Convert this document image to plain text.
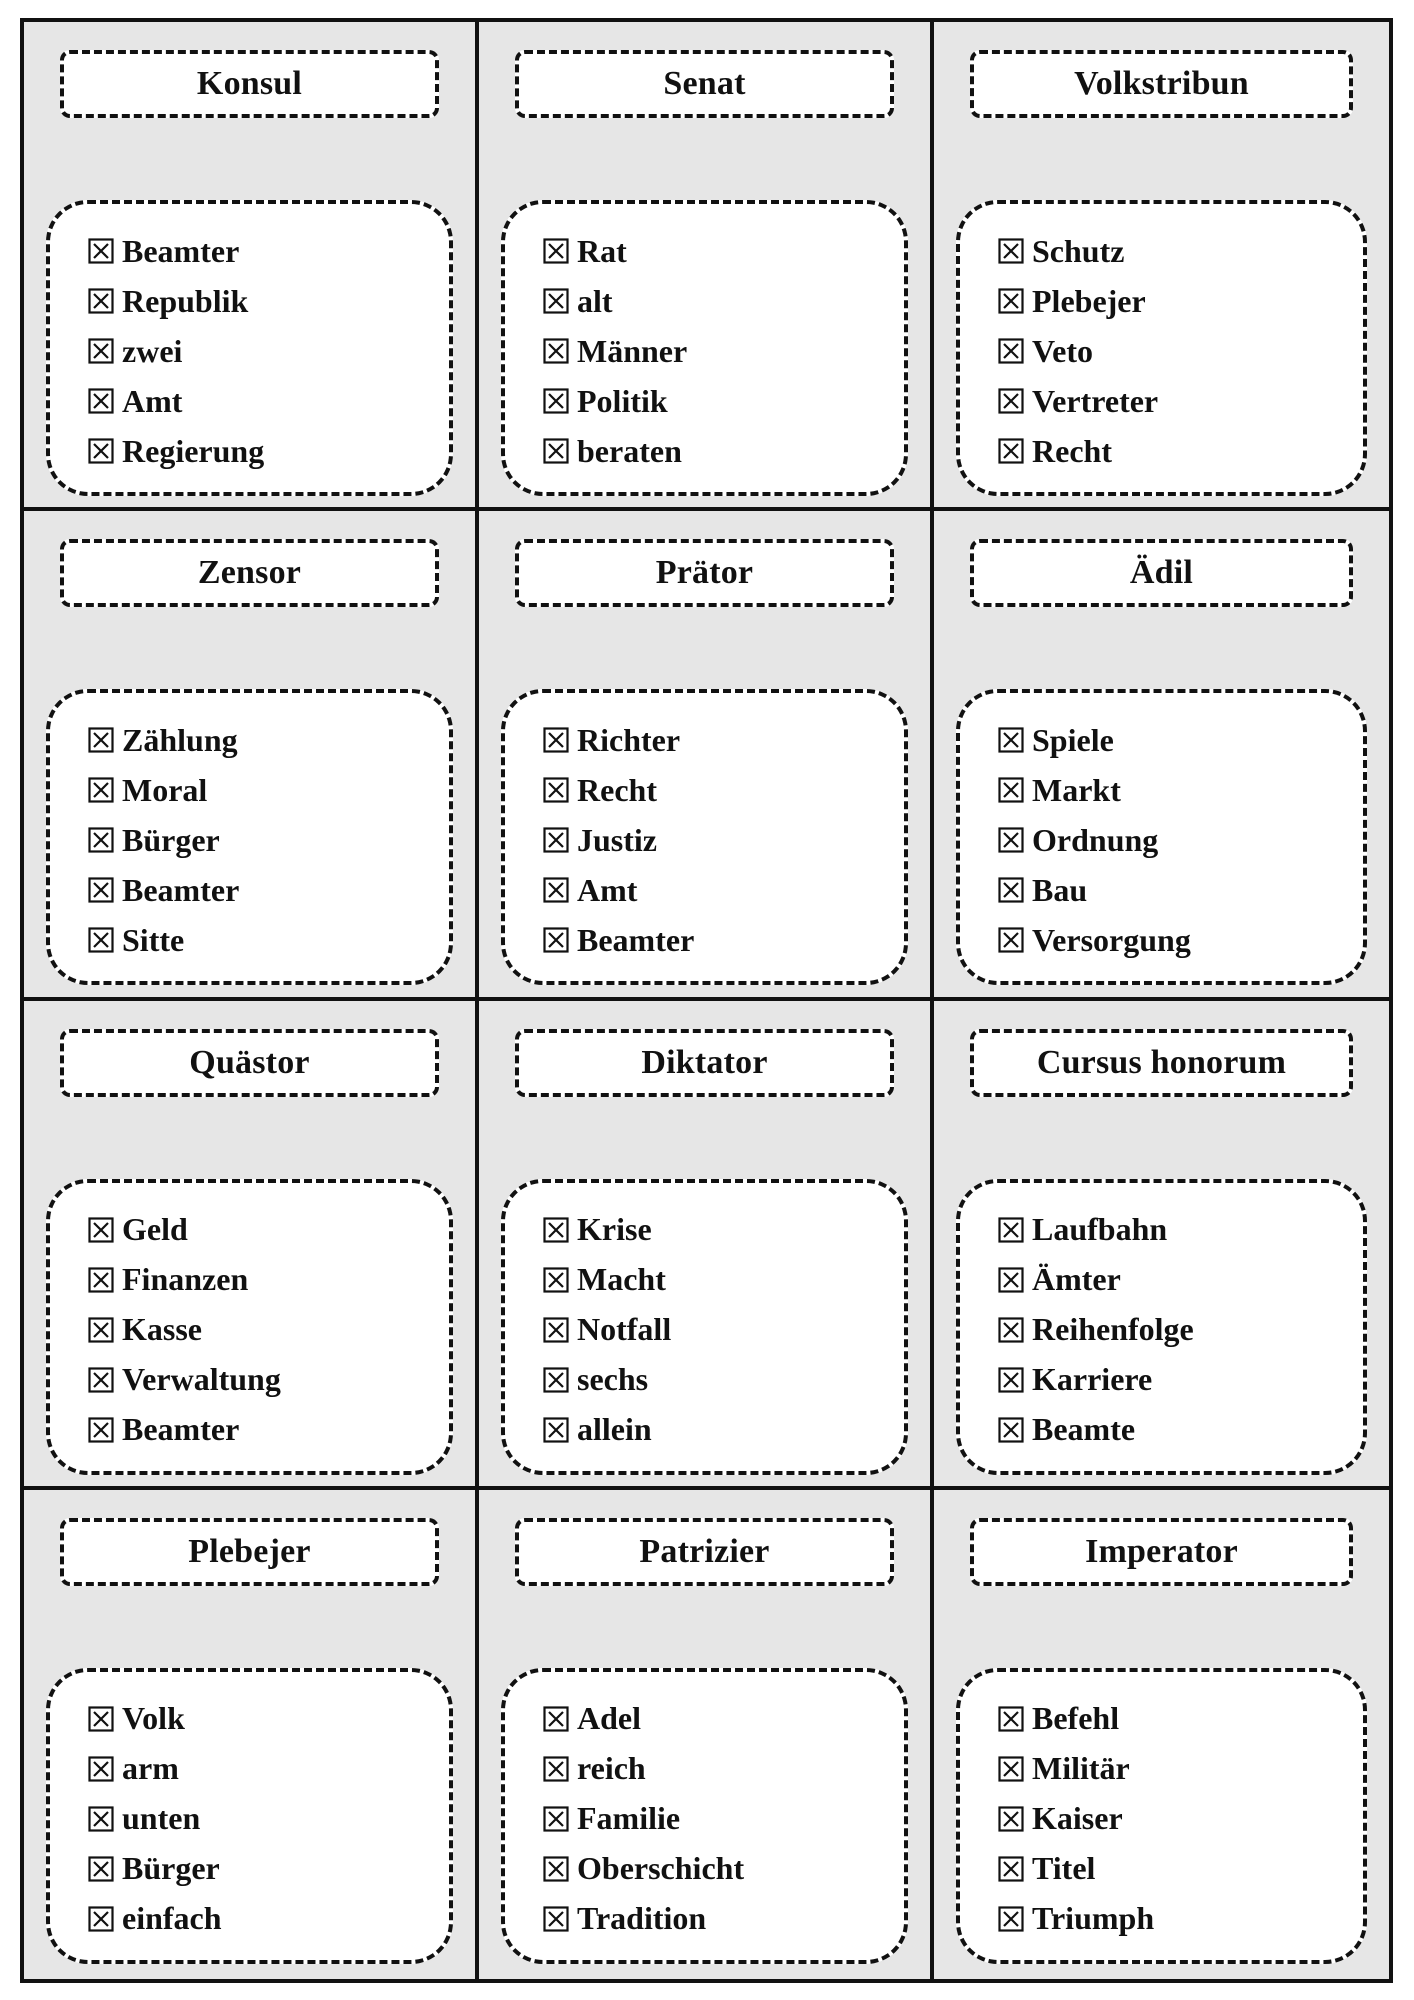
Konsul
Beamter
Republik
zwei
Amt
Regierung
Senat
Rat
alt
Männer
Politik
beraten
Volkstribun
Schutz
Plebejer
Veto
Vertreter
Recht
Zensor
Zählung
Moral
Bürger
Beamter
Sitte
Prätor
Richter
Recht
Justiz
Amt
Beamter
Ädil
Spiele
Markt
Ordnung
Bau
Versorgung
Quästor
Geld
Finanzen
Kasse
Verwaltung
Beamter
Diktator
Krise
Macht
Notfall
sechs
allein
Cursus honorum
Laufbahn
Ämter
Reihenfolge
Karriere
Beamte
Plebejer
Volk
arm
unten
Bürger
einfach
Patrizier
Adel
reich
Familie
Oberschicht
Tradition
Imperator
Befehl
Militär
Kaiser
Titel
Triumph
